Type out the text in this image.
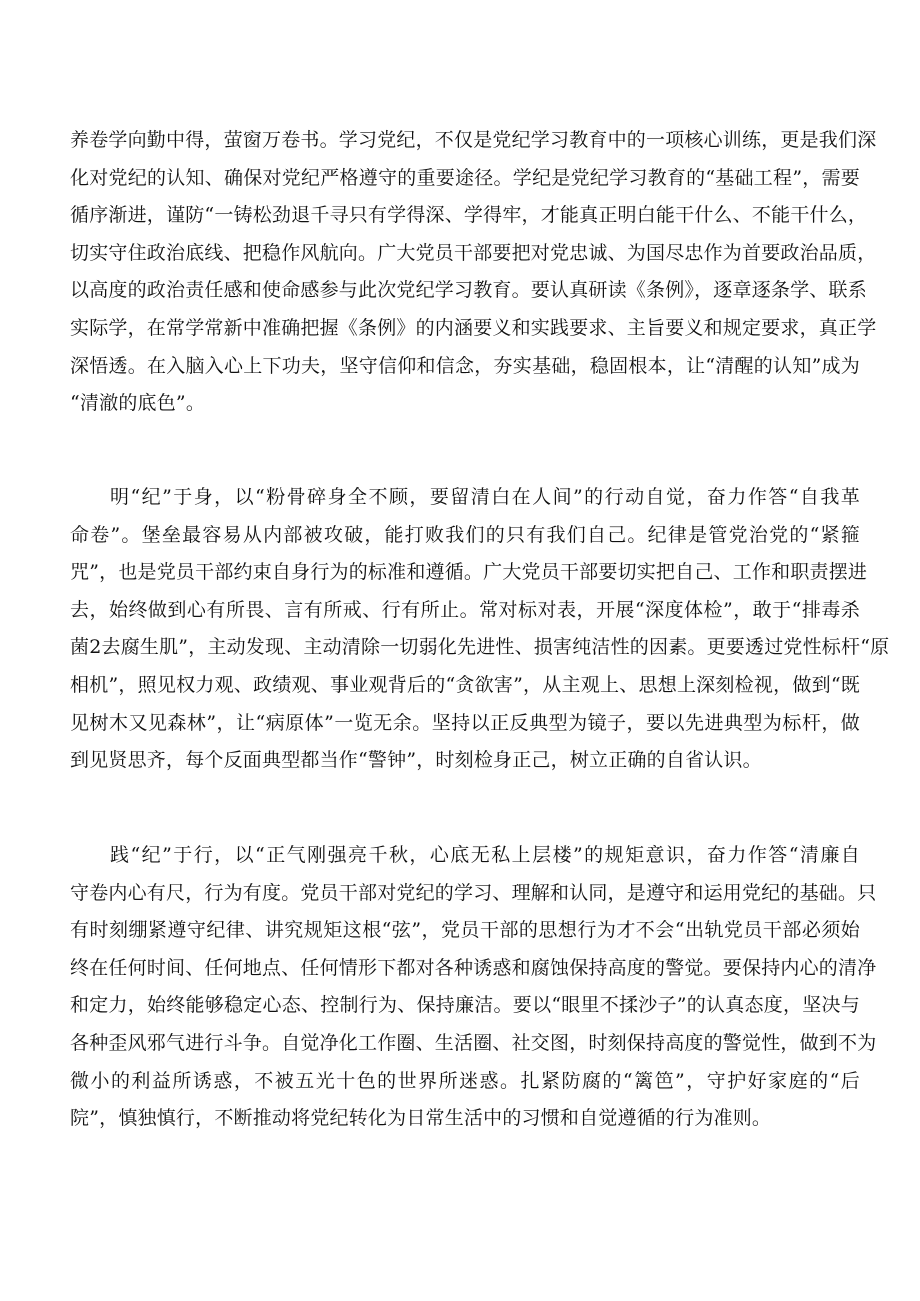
养卷学向勤中得，萤窗万卷书。学习党纪，不仅是党纪学习教育中的一项核心训练，更是我们深
化对党纪的认知、确保对党纪严格遵守的重要途径。学纪是党纪学习教育的“基础工程”，需要
循序渐进，谨防“一铸松劲退千寻只有学得深、学得牢，才能真正明白能干什么、不能干什么，
切实守住政治底线、把稳作风航向。广大党员干部要把对党忠诚、为国尽忠作为首要政治品质，
以高度的政治责任感和使命感参与此次党纪学习教育。要认真研读《条例》，逐章逐条学、联系
实际学，在常学常新中准确把握《条例》的内涵要义和实践要求、主旨要义和规定要求，真正学
深悟透。在入脑入心上下功夫，坚守信仰和信念，夯实基础，稳固根本，让“清醒的认知”成为
“清澈的底色”。
明“纪”于身，以“粉骨碎身全不顾，要留清白在人间”的行动自觉，奋力作答“自我革
命卷”。堡垒最容易从内部被攻破，能打败我们的只有我们自己。纪律是管党治党的“紧箍
咒”，也是党员干部约束自身行为的标准和遵循。广大党员干部要切实把自己、工作和职责摆进
去，始终做到心有所畏、言有所戒、行有所止。常对标对表，开展“深度体检”，敢于“排毒杀
菌2去腐生肌”，主动发现、主动清除一切弱化先进性、损害纯洁性的因素。更要透过党性标杆“原
相机”，照见权力观、政绩观、事业观背后的“贪欲害”，从主观上、思想上深刻检视，做到“既
见树木又见森林”，让“病原体”一览无余。坚持以正反典型为镜子，要以先进典型为标杆，做
到见贤思齐，每个反面典型都当作“警钟”，时刻检身正己，树立正确的自省认识。
践“纪”于行，以“正气刚强亮千秋，心底无私上层楼”的规矩意识，奋力作答“清廉自
守卷内心有尺，行为有度。党员干部对党纪的学习、理解和认同，是遵守和运用党纪的基础。只
有时刻绷紧遵守纪律、讲究规矩这根“弦”，党员干部的思想行为才不会“出轨党员干部必须始
终在任何时间、任何地点、任何情形下都对各种诱惑和腐蚀保持高度的警觉。要保持内心的清净
和定力，始终能够稳定心态、控制行为、保持廉洁。要以“眼里不揉沙子”的认真态度，坚决与
各种歪风邪气进行斗争。自觉净化工作圈、生活圈、社交图，时刻保持高度的警觉性，做到不为
微小的利益所诱惑，不被五光十色的世界所迷惑。扎紧防腐的“篱笆”，守护好家庭的“后
院”，慎独慎行，不断推动将党纪转化为日常生活中的习惯和自觉遵循的行为准则。
